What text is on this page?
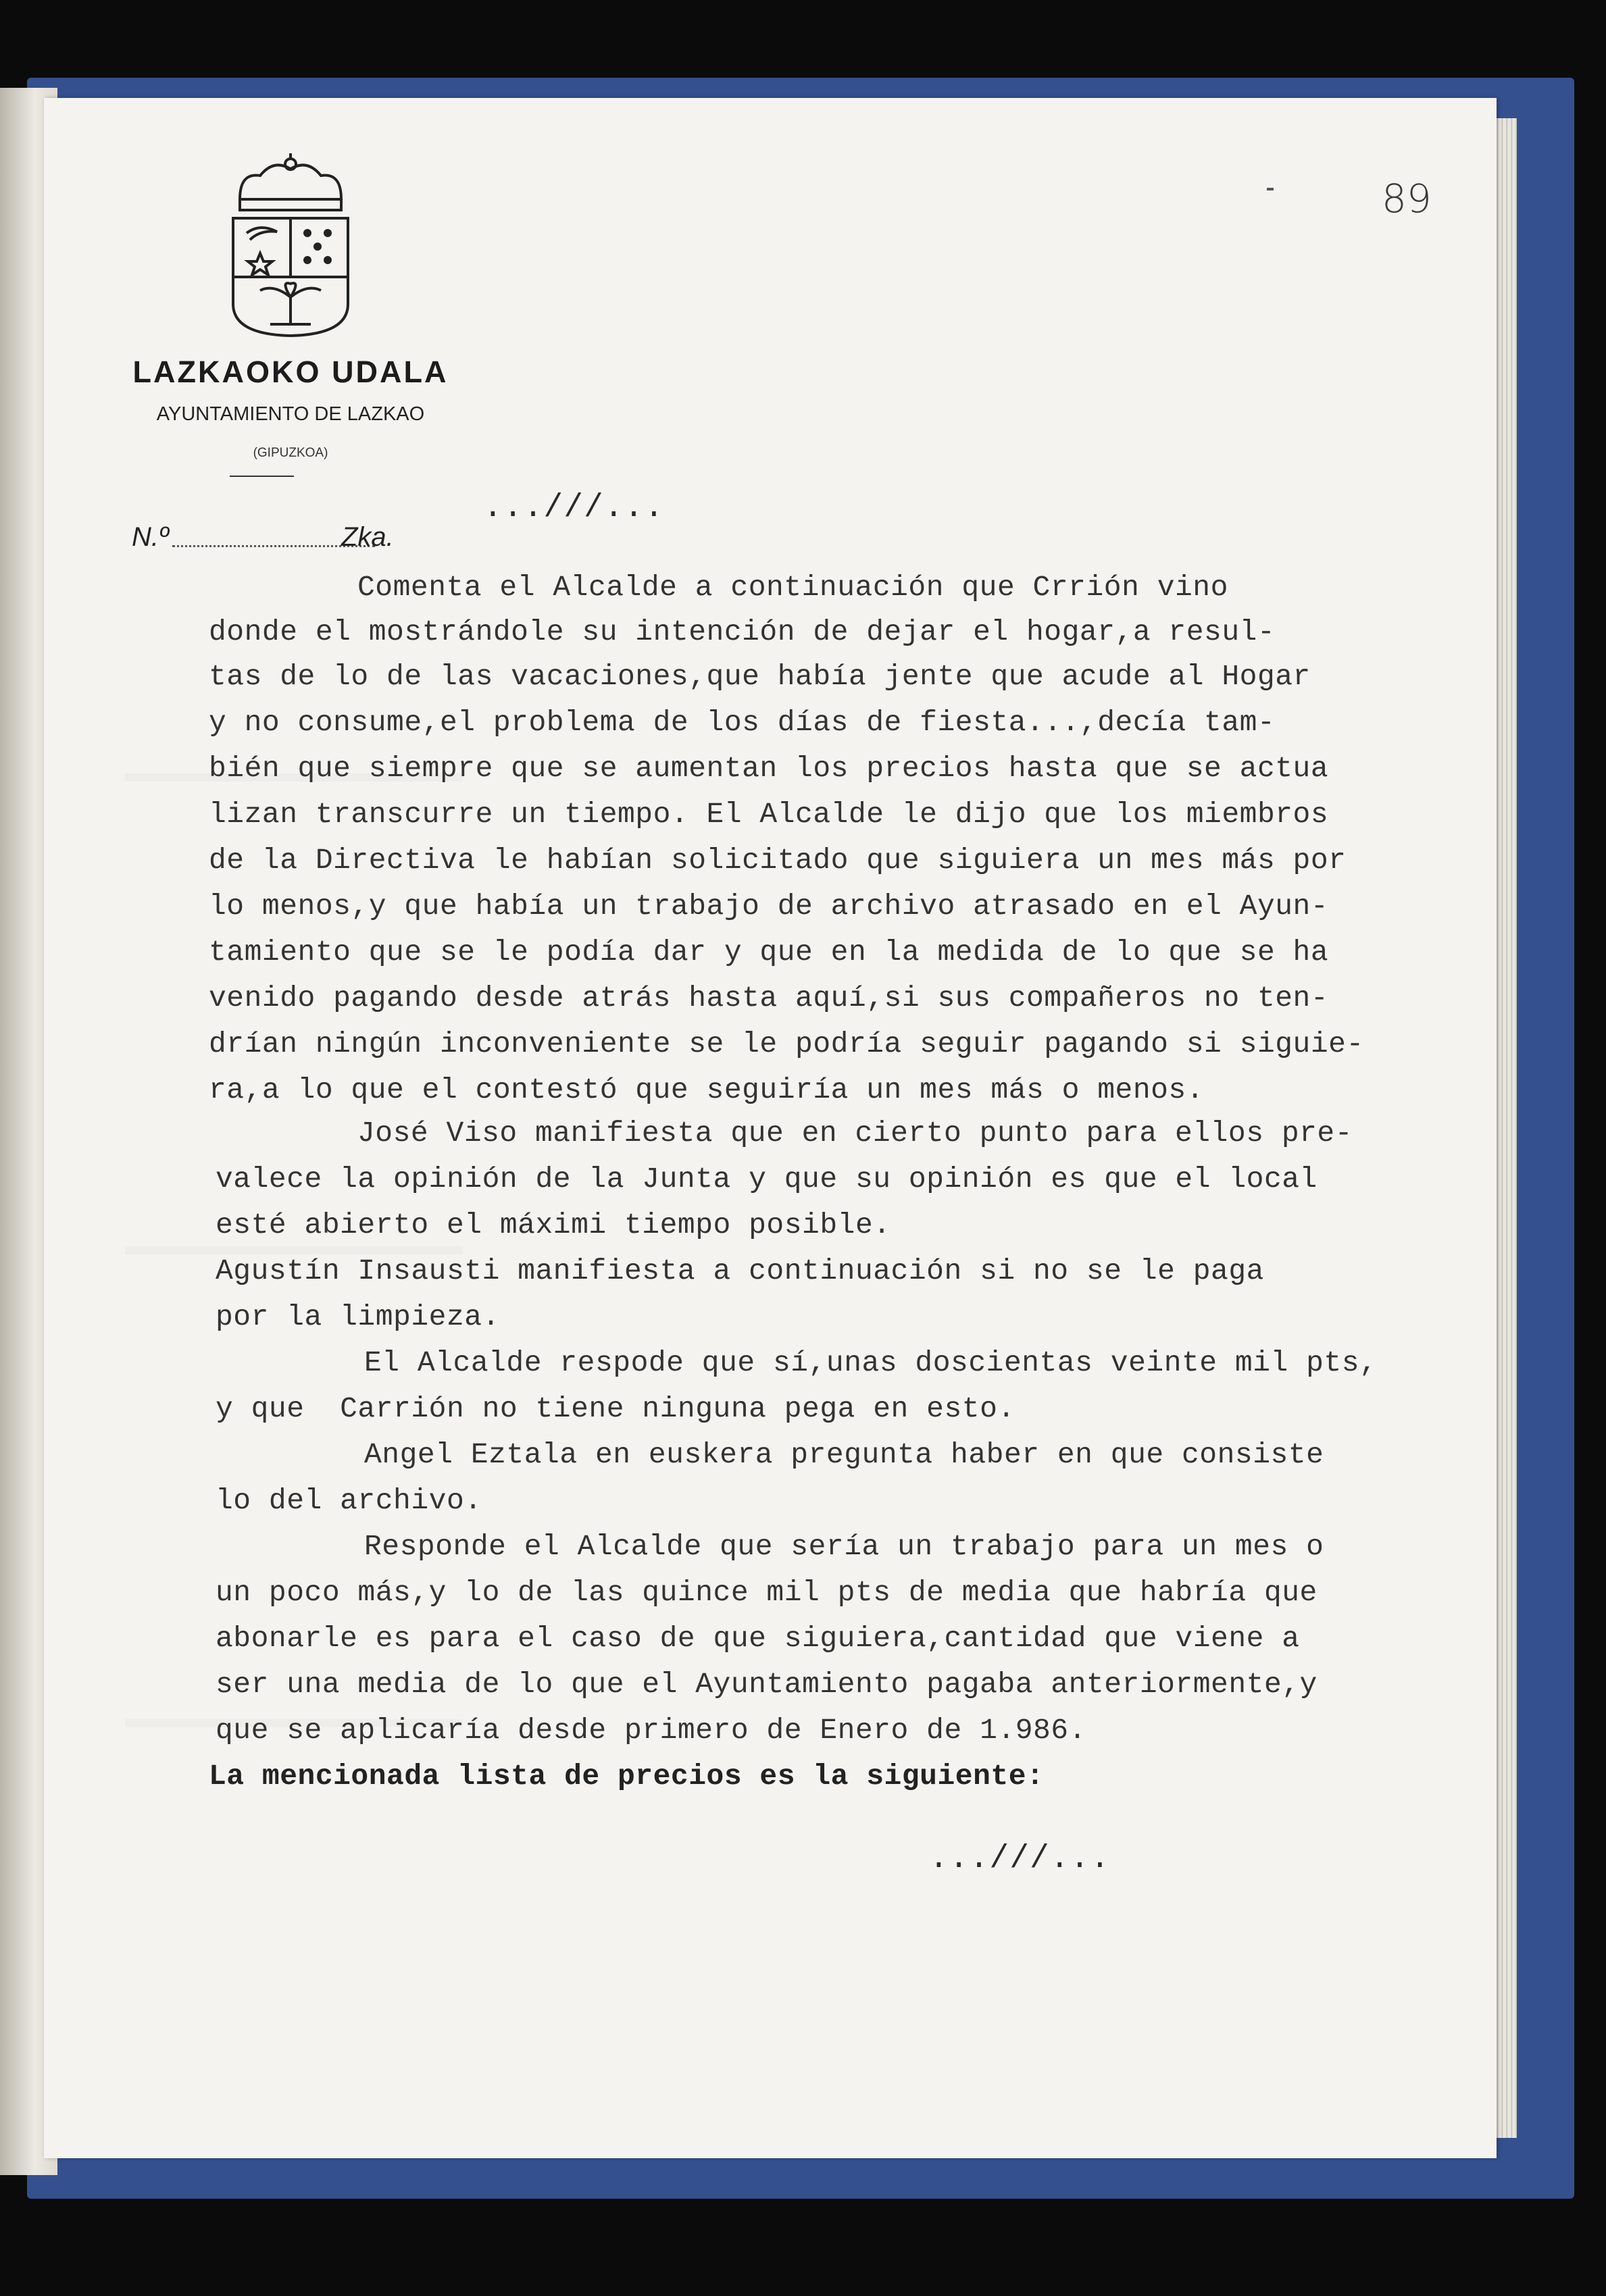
89
LAZKAOKO UDALA
AYUNTAMIENTO DE LAZKAO
(GIPUZKOA)
N.º	Zka.
...///...
Comenta el Alcalde a continuación que Crrión vino
donde el mostrándole su intención de dejar el hogar,a resul-
tas de lo de las vacaciones,que había jente que acude al Hogar
y no consume,el problema de los días de fiesta...,decía tam-
bién que siempre que se aumentan los precios hasta que se actua
lizan transcurre un tiempo. El Alcalde le dijo que los miembros
de la Directiva le habían solicitado que siguiera un mes más por
lo menos,y que había un trabajo de archivo atrasado en el Ayun-
tamiento que se le podía dar y que en la medida de lo que se ha
venido pagando desde atrás hasta aquí,si sus compañeros no ten-
drían ningún inconveniente se le podría seguir pagando si siguie-
ra,a lo que el contestó que seguiría un mes más o menos.
José Viso manifiesta que en cierto punto para ellos pre-
valece la opinión de la Junta y que su opinión es que el local
esté abierto el máximi tiempo posible.
Agustín Insausti manifiesta a continuación si no se le paga
por la limpieza.
El Alcalde respode que sí,unas doscientas veinte mil pts,
y que  Carrión no tiene ninguna pega en esto.
Angel Eztala en euskera pregunta haber en que consiste
lo del archivo.
Responde el Alcalde que sería un trabajo para un mes o
un poco más,y lo de las quince mil pts de media que habría que
abonarle es para el caso de que siguiera,cantidad que viene a
ser una media de lo que el Ayuntamiento pagaba anteriormente,y
que se aplicaría desde primero de Enero de 1.986.
La mencionada lista de precios es la siguiente:
...///...
